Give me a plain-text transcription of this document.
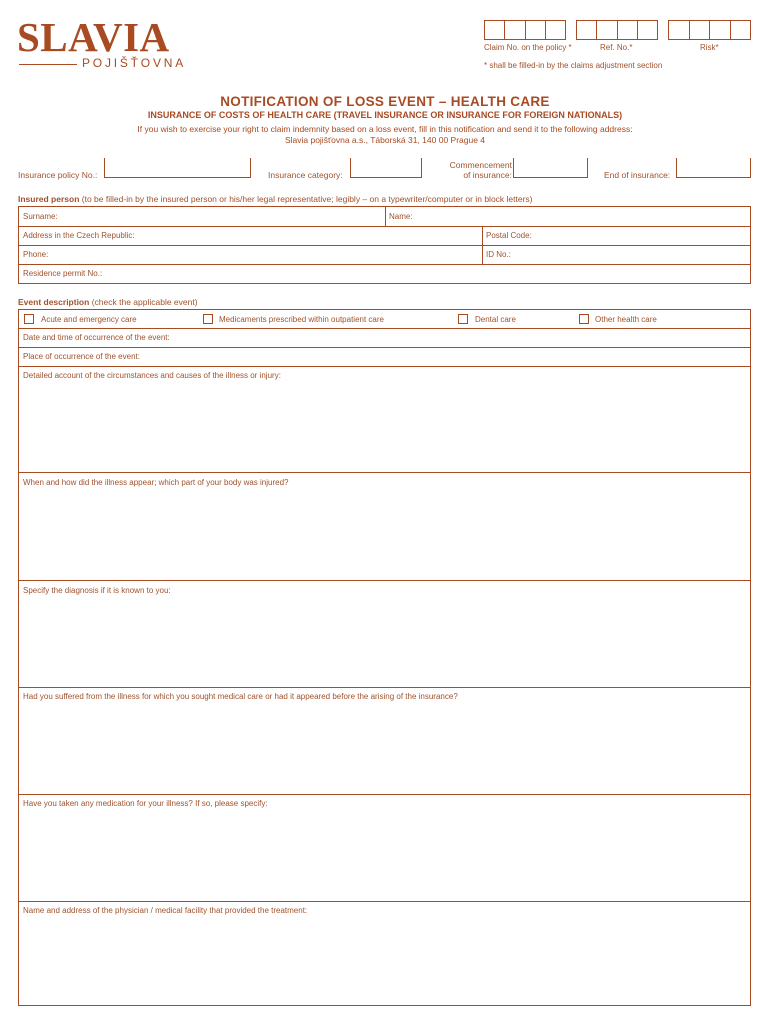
SLAVIA
POJIŠŤOVNA
Claim No. on the policy *	Ref. No.*	Risk*
* shall be filled-in by the claims adjustment section
NOTIFICATION OF LOSS EVENT – HEALTH CARE
INSURANCE OF COSTS OF HEALTH CARE (TRAVEL INSURANCE OR INSURANCE FOR FOREIGN NATIONALS)
If you wish to exercise your right to claim indemnity based on a loss event, fill in this notification and send it to the following address:
Slavia pojišťovna a.s., Táborská 31, 140 00 Prague 4
Insurance policy No.:	Insurance category:
Commencement
of insurance:	End of insurance:
Insured person (to be filled-in by the insured person or his/her legal representative; legibly – on a typewriter/computer or in block letters)
Surname:	Name:
Address in the Czech Republic:	Postal Code:
Phone:	ID No.:
Residence permit No.:
Event description (check the applicable event)
Acute and emergency care	Medicaments prescribed within outpatient care	Dental care	Other health care
Date and time of occurrence of the event:
Place of occurrence of the event:
Detailed account of the circumstances and causes of the illness or injury:
When and how did the illness appear; which part of your body was injured?
Specify the diagnosis if it is known to you:
Had you suffered from the illness for which you sought medical care or had it appeared before the arising of the insurance?
Have you taken any medication for your illness? If so, please specify:
Name and address of the physician / medical facility that provided the treatment:
